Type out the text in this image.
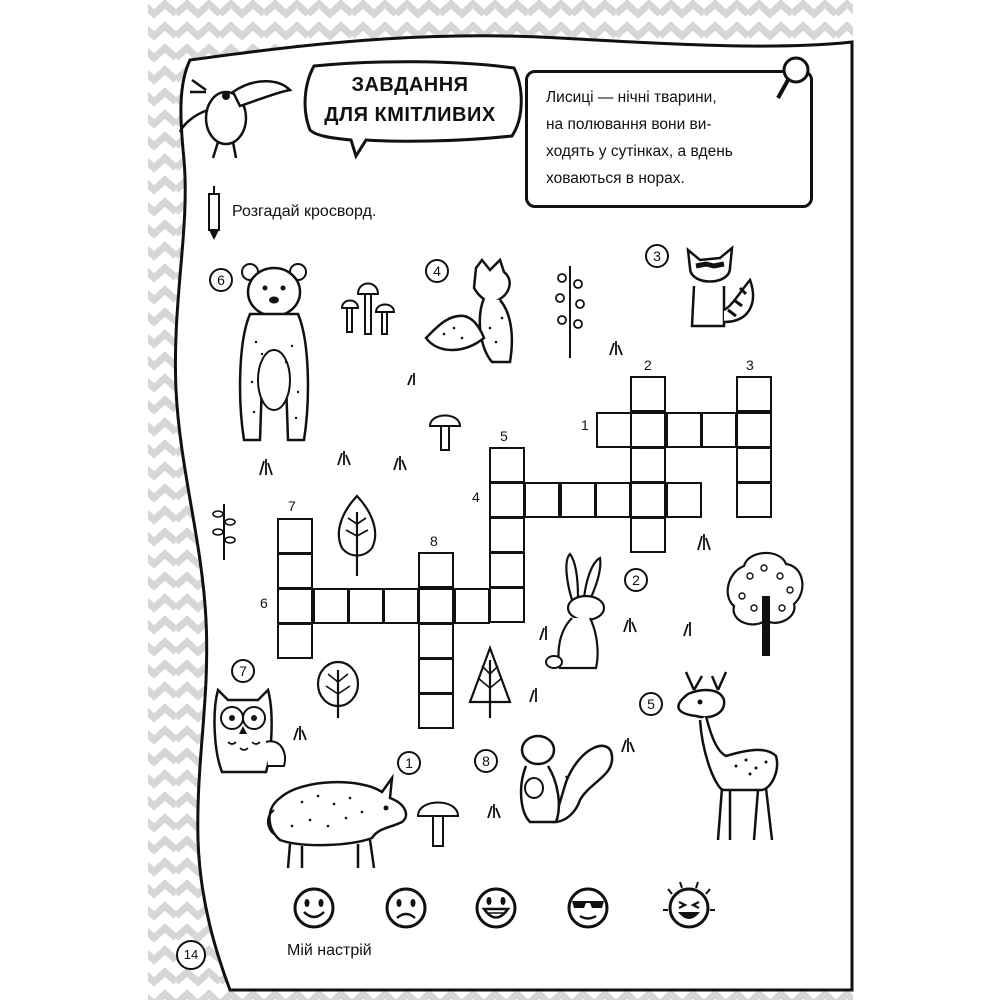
ЗАВДАННЯ
ДЛЯ КМІТЛИВИХ
Лисиці — нічні тварини,
на полювання вони ви-
ходять у сутінках, а вдень
ховаються в норах.
Розгадай кросворд.
1
2	3
4
5
6
7
8
6
4
3
2
7
5
1	8
14	Мій настрій
